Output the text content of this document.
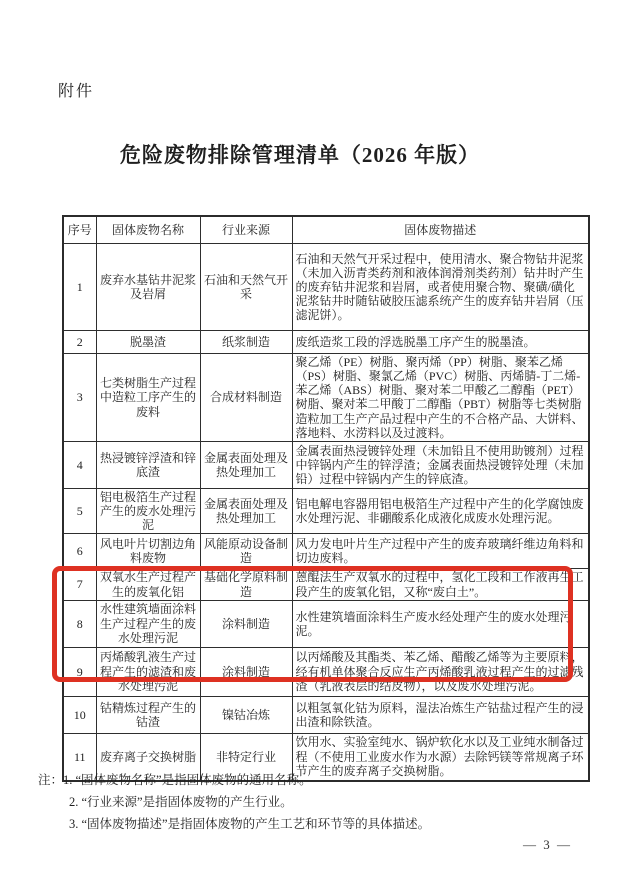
附件
危险废物排除管理清单（2026 年版）
序号	固体废物名称	行业来源	固体废物描述
1	废弃水基钻井泥浆及岩屑	石油和天然气开采	石油和天然气开采过程中，使用清水、聚合物钻井泥浆（未加入沥青类药剂和液体润滑剂类药剂）钻井时产生的废弃钻井泥浆和岩屑，或者使用聚合物、聚磺/磺化泥浆钻井时随钻破胶压滤系统产生的废弃钻井岩屑（压滤泥饼）。
2	脱墨渣	纸浆制造	废纸造浆工段的浮选脱墨工序产生的脱墨渣。
3	七类树脂生产过程中造粒工序产生的废料	合成材料制造	聚乙烯（PE）树脂、聚丙烯（PP）树脂、聚苯乙烯（PS）树脂、聚氯乙烯（PVC）树脂、丙烯腈-丁二烯-苯乙烯（ABS）树脂、聚对苯二甲酸乙二醇酯（PET）树脂、聚对苯二甲酸丁二醇酯（PBT）树脂等七类树脂造粒加工生产产品过程中产生的不合格产品、大饼料、落地料、水涝料以及过渡料。
4	热浸镀锌浮渣和锌底渣	金属表面处理及热处理加工	金属表面热浸镀锌处理（未加铅且不使用助镀剂）过程中锌锅内产生的锌浮渣；金属表面热浸镀锌处理（未加铅）过程中锌锅内产生的锌底渣。
5	铝电极箔生产过程产生的废水处理污泥	金属表面处理及热处理加工	铝电解电容器用铝电极箔生产过程中产生的化学腐蚀废水处理污泥、非硼酸系化成液化成废水处理污泥。
6	风电叶片切割边角料废物	风能原动设备制造	风力发电叶片生产过程中产生的废弃玻璃纤维边角料和切边废料。
7	双氧水生产过程产生的废氧化铝	基础化学原料制造	蒽醌法生产双氧水的过程中，氢化工段和工作液再生工段产生的废氧化铝，又称“废白土”。
8	水性建筑墙面涂料生产过程产生的废水处理污泥	涂料制造	水性建筑墙面涂料生产废水经处理产生的废水处理污泥。
9	丙烯酸乳液生产过程产生的滤渣和废水处理污泥	涂料制造	以丙烯酸及其酯类、苯乙烯、醋酸乙烯等为主要原料，经有机单体聚合反应生产丙烯酸乳液过程产生的过滤残渣（乳液表层的结皮物），以及废水处理污泥。
10	钴精炼过程产生的钴渣	镍钴冶炼	以粗氢氧化钴为原料，湿法冶炼生产钴盐过程产生的浸出渣和除铁渣。
11	废弃离子交换树脂	非特定行业	饮用水、实验室纯水、锅炉软化水以及工业纯水制备过程（不使用工业废水作为水源）去除钙镁等常规离子环节产生的废弃离子交换树脂。
注：1. “固体废物名称”是指固体废物的通用名称。
2. “行业来源”是指固体废物的产生行业。
3. “固体废物描述”是指固体废物的产生工艺和环节等的具体描述。
— 3 —
